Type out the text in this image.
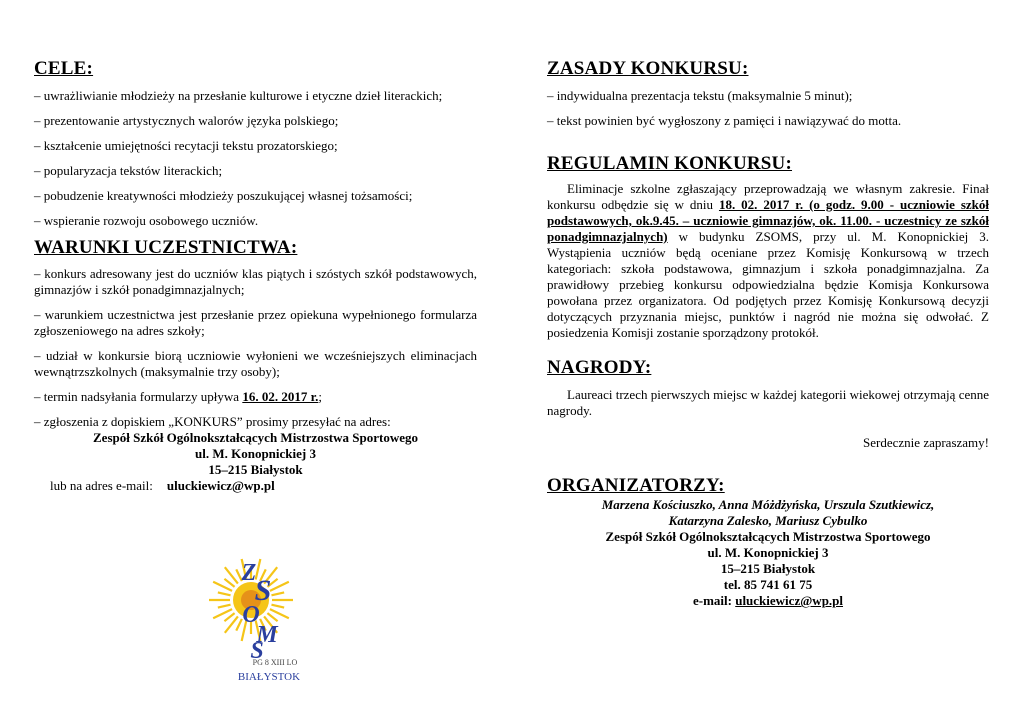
CELE:

– uwrażliwianie młodzieży na przesłanie kulturowe i etyczne dzieł literackich;

– prezentowanie artystycznych walorów języka polskiego;

– kształcenie umiejętności recytacji tekstu prozatorskiego;

– popularyzacja tekstów literackich;

– pobudzenie kreatywności młodzieży poszukującej własnej tożsamości;

– wspieranie rozwoju osobowego uczniów.

WARUNKI UCZESTNICTWA:

– konkurs adresowany jest do uczniów klas piątych i szóstych szkół podstawowych, gimnazjów i szkół ponadgimnazjalnych;

– warunkiem uczestnictwa jest przesłanie przez opiekuna wypełnionego formularza zgłoszeniowego na adres szkoły;

– udział w konkursie biorą uczniowie wyłonieni we wcześniejszych eliminacjach wewnątrzszkolnych (maksymalnie trzy osoby);

– termin nadsyłania formularzy upływa 16. 02. 2017 r.;

– zgłoszenia z dopiskiem „KONKURS” prosimy przesyłać na adres:

Zespół Szkół Ogólnokształcących Mistrzostwa Sportowego

ul. M. Konopnickiej 3

15–215 Białystok

lub na adres e-mail: uluckiewicz@wp.pl

Z S O M S
PG 8 XIII LO
BIAŁYSTOK
ZASADY KONKURSU:

– indywidualna prezentacja tekstu (maksymalnie 5 minut);

– tekst powinien być wygłoszony z pamięci i nawiązywać do motta.

REGULAMIN KONKURSU:

Eliminacje szkolne zgłaszający przeprowadzają we własnym zakresie. Finał konkursu odbędzie się w dniu 18. 02. 2017 r. (o godz. 9.00 - uczniowie szkół podstawowych, ok.9.45. – uczniowie gimnazjów, ok. 11.00. - uczestnicy ze szkół ponadgimnazjalnych) w budynku ZSOMS, przy ul. M. Konopnickiej 3. Wystąpienia uczniów będą oceniane przez Komisję Konkursową w trzech kategoriach: szkoła podstawowa, gimnazjum i szkoła ponadgimnazjalna. Za prawidłowy przebieg konkursu odpowiedzialna będzie Komisja Konkursowa powołana przez organizatora. Od podjętych przez Komisję Konkursową decyzji dotyczących przyznania miejsc, punktów i nagród nie można się odwołać. Z posiedzenia Komisji zostanie sporządzony protokół.

NAGRODY:

Laureaci trzech pierwszych miejsc w każdej kategorii wiekowej otrzymają cenne nagrody.

Serdecznie zapraszamy!

ORGANIZATORZY:

Marzena Kościuszko, Anna Móżdżyńska, Urszula Szutkiewicz,

Katarzyna Zalesko, Mariusz Cybulko

Zespół Szkół Ogólnokształcących Mistrzostwa Sportowego

ul. M. Konopnickiej 3

15–215 Białystok

tel. 85 741 61 75

e-mail: uluckiewicz@wp.pl
